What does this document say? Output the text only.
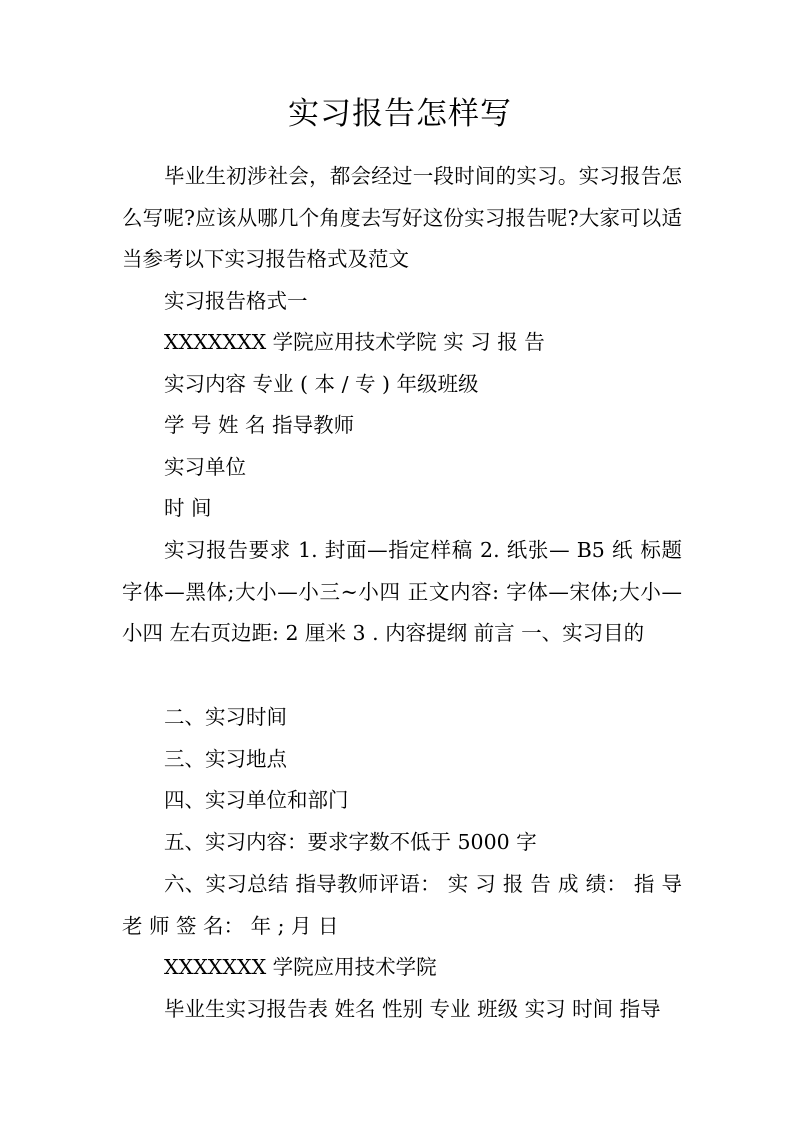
实习报告怎样写

毕业生初涉社会，都会经过一段时间的实习。实习报告怎么写呢?应该从哪几个角度去写好这份实习报告呢?大家可以适当参考以下实习报告格式及范文

实习报告格式一

XXXXXXX 学院应用技术学院 实 习 报 告

实习内容 专业 ( 本 / 专 ) 年级班级

学 号 姓 名 指导教师

实习单位

时 间

实习报告要求 1. 封面—指定样稿 2. 纸张— B5 纸 标题字体—黑体;大小—小三~小四 正文内容: 字体—宋体;大小—小四 左右页边距: 2 厘米 3 . 内容提纲 前言 一、实习目的

二、实习时间

三、实习地点

四、实习单位和部门

五、实习内容：要求字数不低于 5000 字

六、实习总结 指导教师评语： 实 习 报 告 成 绩： 指 导 老 师 签 名： 年 ; 月 日

XXXXXXX 学院应用技术学院

毕业生实习报告表 姓名 性别 专业 班级 实习 时间 指导
